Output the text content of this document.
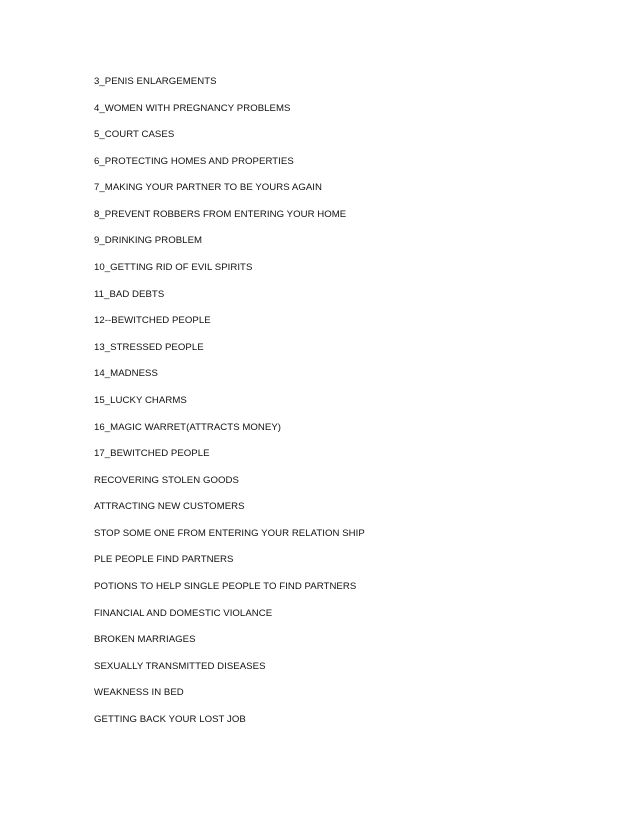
3_PENIS ENLARGEMENTS
4_WOMEN WITH PREGNANCY PROBLEMS
5_COURT CASES
6_PROTECTING HOMES AND PROPERTIES
7_MAKING YOUR PARTNER TO BE YOURS AGAIN
8_PREVENT ROBBERS FROM ENTERING YOUR HOME
9_DRINKING PROBLEM
10_GETTING RID OF EVIL SPIRITS
11_BAD DEBTS
12--BEWITCHED PEOPLE
13_STRESSED PEOPLE
14_MADNESS
15_LUCKY CHARMS
16_MAGIC WARRET(ATTRACTS MONEY)
17_BEWITCHED PEOPLE
RECOVERING STOLEN GOODS
ATTRACTING NEW CUSTOMERS
STOP SOME ONE FROM ENTERING YOUR RELATION SHIP
PLE PEOPLE FIND PARTNERS
POTIONS TO HELP SINGLE PEOPLE TO FIND PARTNERS
FINANCIAL AND DOMESTIC VIOLANCE
BROKEN MARRIAGES
SEXUALLY TRANSMITTED DISEASES
WEAKNESS IN BED
GETTING BACK YOUR LOST JOB
